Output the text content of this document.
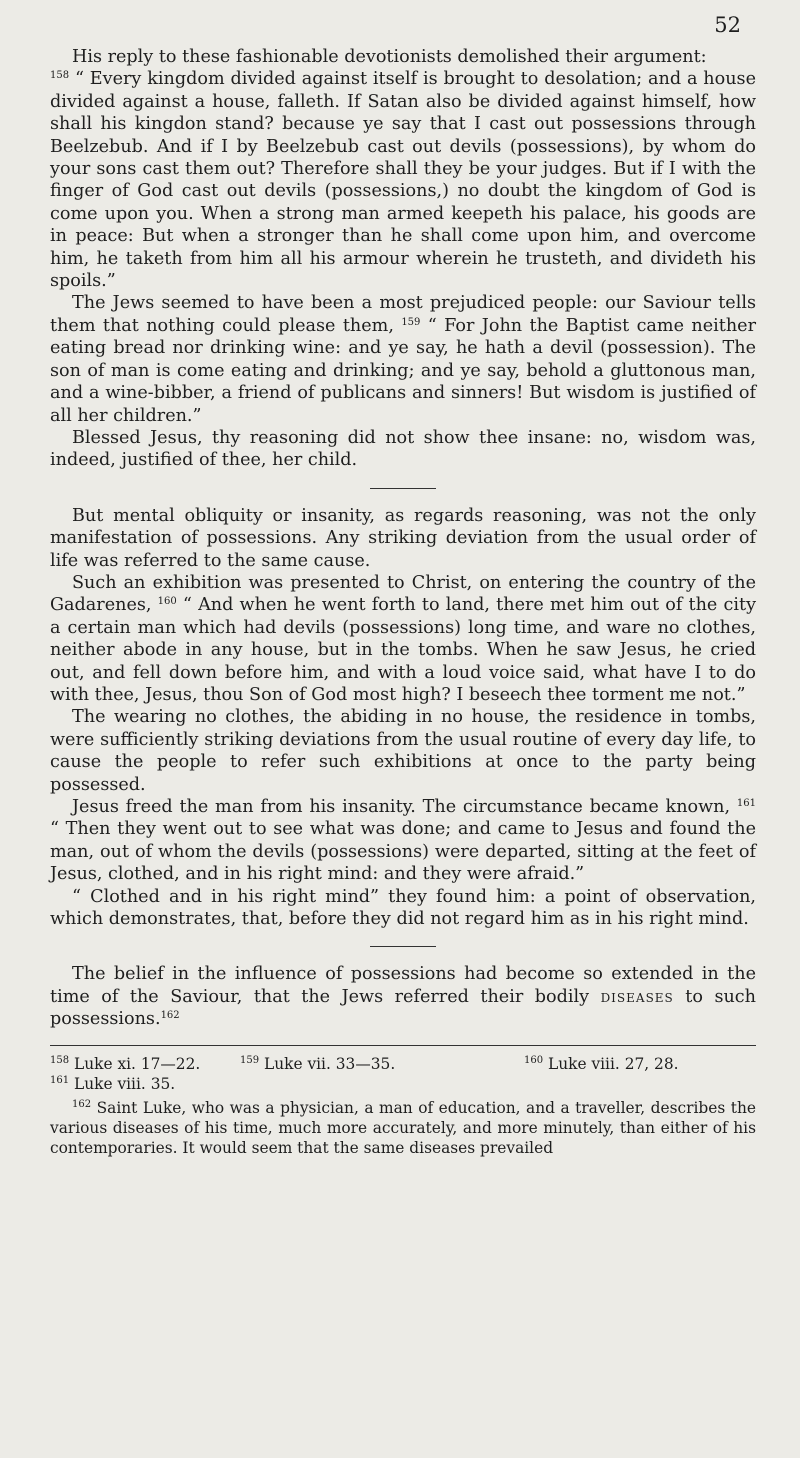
52

His reply to these fashionable devotionists demolished their argument:

$^{158}$ “ Every kingdom divided against itself is brought to desolation; and a house divided against a house, falleth. If Satan also be divided against himself, how shall his kingdon stand? because ye say that I cast out possessions through Beelzebub. And if I by Beelzebub cast out devils (possessions), by whom do your sons cast them out? Therefore shall they be your judges. But if I with the finger of God cast out devils (possessions,) no doubt the kingdom of God is come upon you. When a strong man armed keepeth his palace, his goods are in peace: But when a stronger than he shall come upon him, and overcome him, he taketh from him all his armour wherein he trusteth, and divideth his spoils.”

The Jews seemed to have been a most prejudiced people: our Saviour tells them that nothing could please them, $^{159}$ “ For John the Baptist came neither eating bread nor drinking wine: and ye say, he hath a devil (possession). The son of man is come eating and drinking; and ye say, behold a gluttonous man, and a wine-bibber, a friend of publicans and sinners! But wisdom is justified of all her children.”

Blessed Jesus, thy reasoning did not show thee insane: no, wisdom was, indeed, justified of thee, her child.

But mental obliquity or insanity, as regards reasoning, was not the only manifestation of possessions. Any striking deviation from the usual order of life was referred to the same cause.

Such an exhibition was presented to Christ, on entering the country of the Gadarenes, $^{160}$ “ And when he went forth to land, there met him out of the city a certain man which had devils (possessions) long time, and ware no clothes, neither abode in any house, but in the tombs. When he saw Jesus, he cried out, and fell down before him, and with a loud voice said, what have I to do with thee, Jesus, thou Son of God most high? I beseech thee torment me not.”

The wearing no clothes, the abiding in no house, the residence in tombs, were sufficiently striking deviations from the usual routine of every day life, to cause the people to refer such exhibitions at once to the party being possessed.

Jesus freed the man from his insanity. The circumstance became known, $^{161}$ “ Then they went out to see what was done; and came to Jesus and found the man, out of whom the devils (possessions) were departed, sitting at the feet of Jesus, clothed, and in his right mind: and they were afraid.”

“ Clothed and in his right mind” they found him: a point of observation, which demonstrates, that, before they did not regard him as in his right mind.

The belief in the influence of possessions had become so extended in the time of the Saviour, that the Jews referred their bodily diseases to such possessions.$^{162}$

$^{158}$ Luke xi. 17—22.	$^{159}$ Luke vii. 33—35.	$^{160}$ Luke viii. 27, 28.
$^{161}$ Luke viii. 35.

$^{162}$ Saint Luke, who was a physician, a man of education, and a traveller, describes the various diseases of his time, much more accurately, and more minutely, than either of his contemporaries. It would seem that the same diseases prevailed
